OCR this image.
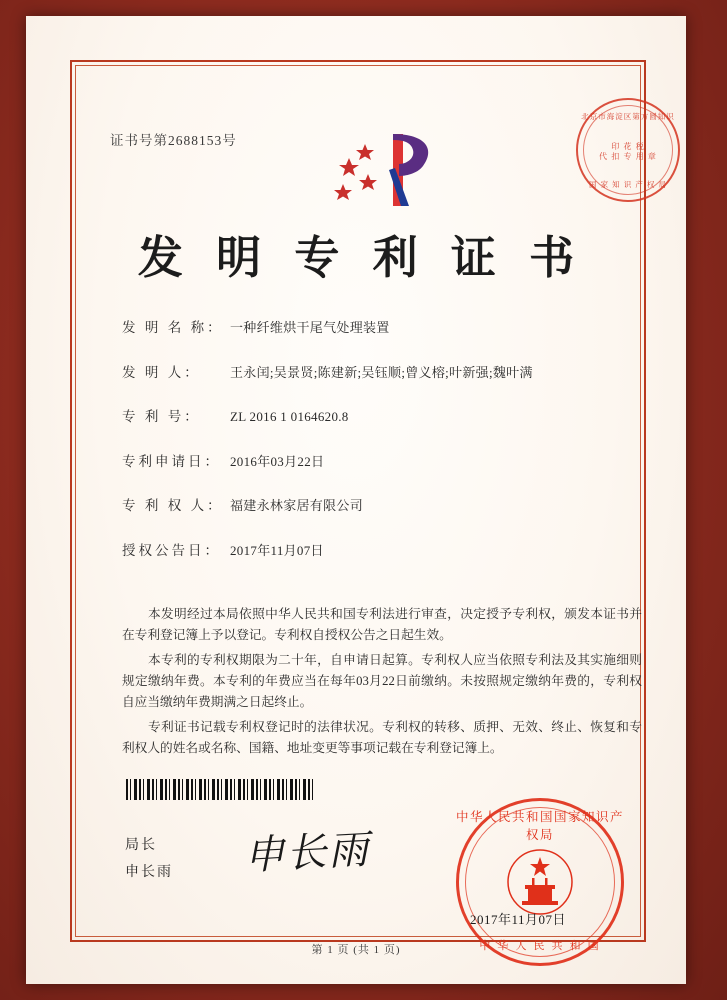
证书号第2688153号
北京市海淀区第方圆知识
印 花 税
代 扣 专 用 章
国 家 知 识 产 权 局
发 明 专 利 证 书
发 明 名 称： 一种纤维烘干尾气处理装置
发 明 人：	王永闰;吴景贤;陈建新;吴钰顺;曾义榕;叶新强;魏叶满
专 利 号：	ZL 2016 1 0164620.8
专利申请日： 2016年03月22日
专 利 权 人： 福建永林家居有限公司
授权公告日： 2017年11月07日

本发明经过本局依照中华人民共和国专利法进行审查，决定授予专利权，颁发本证书并在专利登记簿上予以登记。专利权自授权公告之日起生效。

本专利的专利权期限为二十年，自申请日起算。专利权人应当依照专利法及其实施细则规定缴纳年费。本专利的年费应当在每年03月22日前缴纳。未按照规定缴纳年费的，专利权自应当缴纳年费期满之日起终止。

专利证书记载专利权登记时的法律状况。专利权的转移、质押、无效、终止、恢复和专利权人的姓名或名称、国籍、地址变更等事项记载在专利登记簿上。

局长
申长雨 申长雨
中华人民共和国国家知识产权局
中 华 人 民 共 和 国
2017年11月07日
第 1 页 (共 1 页)
